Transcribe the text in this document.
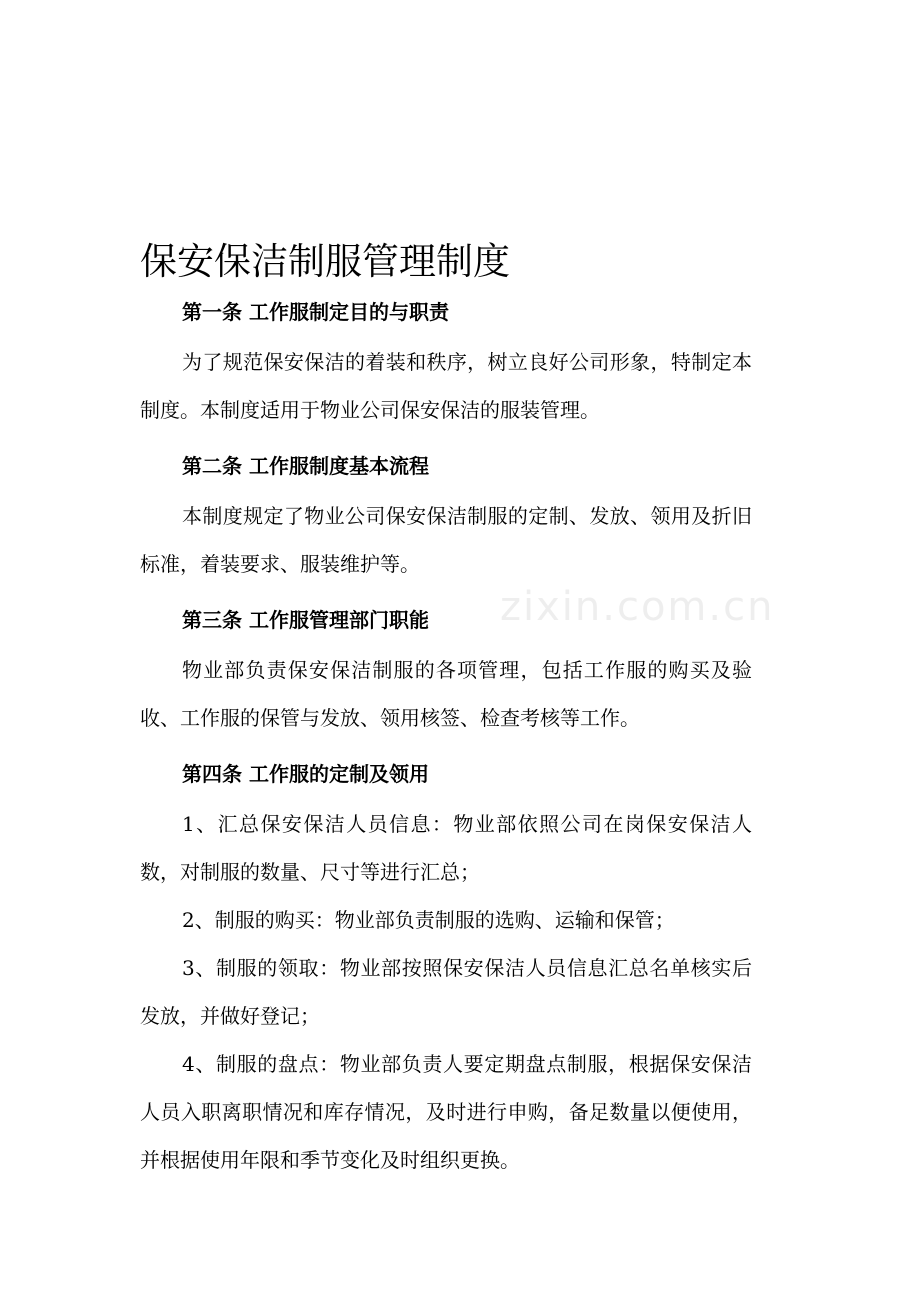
zixin.com.cn
保安保洁制服管理制度

第一条 工作服制定目的与职责

为了规范保安保洁的着装和秩序，树立良好公司形象，特制定本制度。本制度适用于物业公司保安保洁的服装管理。

第二条 工作服制度基本流程

本制度规定了物业公司保安保洁制服的定制、发放、领用及折旧标准，着装要求、服装维护等。

第三条 工作服管理部门职能

物业部负责保安保洁制服的各项管理，包括工作服的购买及验收、工作服的保管与发放、领用核签、检查考核等工作。

第四条 工作服的定制及领用

1、汇总保安保洁人员信息：物业部依照公司在岗保安保洁人数，对制服的数量、尺寸等进行汇总；

2、制服的购买：物业部负责制服的选购、运输和保管；

3、制服的领取：物业部按照保安保洁人员信息汇总名单核实后发放，并做好登记；

4、制服的盘点：物业部负责人要定期盘点制服，根据保安保洁人员入职离职情况和库存情况，及时进行申购，备足数量以便使用，并根据使用年限和季节变化及时组织更换。
